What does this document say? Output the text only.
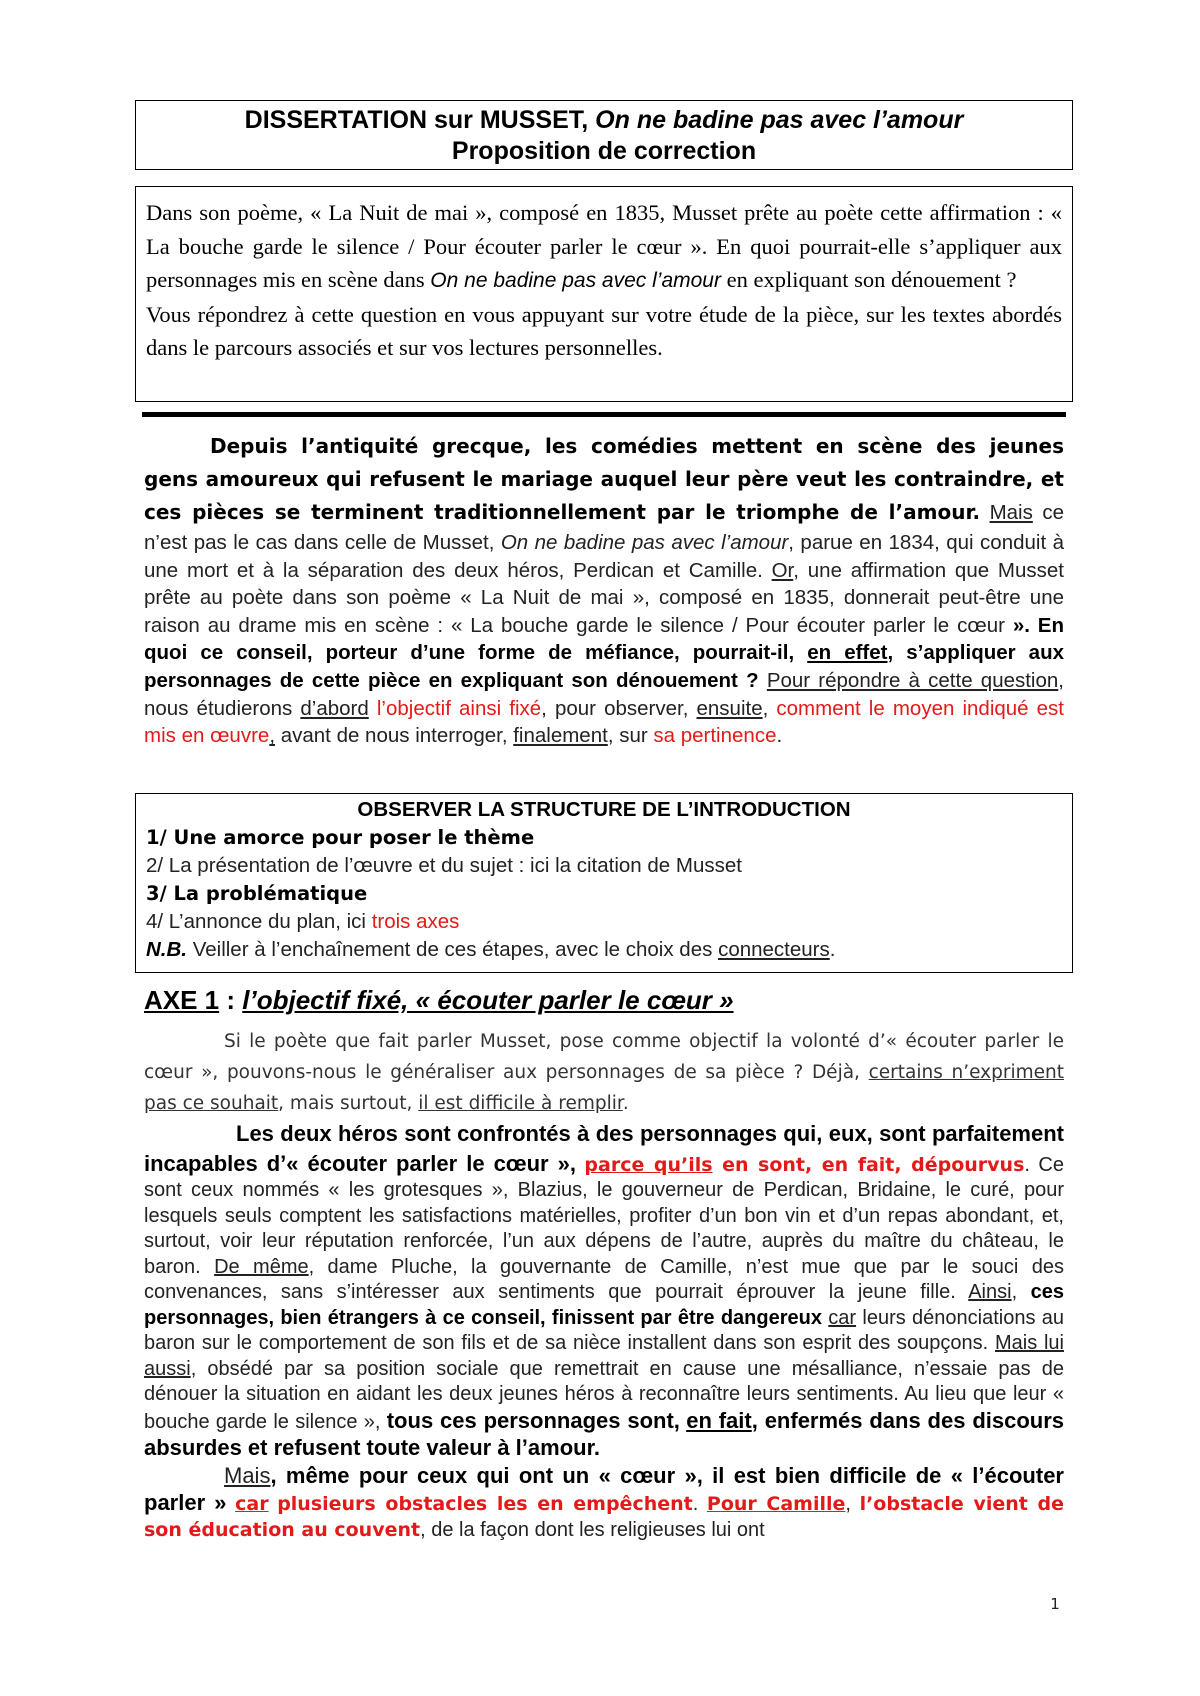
DISSERTATION sur MUSSET, On ne badine pas avec l’amour
Proposition de correction

Dans son poème, « La Nuit de mai », composé en 1835, Musset prête au poète cette affirmation : « La bouche garde le silence / Pour écouter parler le cœur ». En quoi pourrait-elle s’appliquer aux personnages mis en scène dans On ne badine pas avec l’amour en expliquant son dénouement ?

Vous répondrez à cette question en vous appuyant sur votre étude de la pièce, sur les textes abordés dans le parcours associés et sur vos lectures personnelles.

Depuis l’antiquité grecque, les comédies mettent en scène des jeunes gens amoureux qui refusent le mariage auquel leur père veut les contraindre, et ces pièces se terminent traditionnellement par le triomphe de l’amour. Mais ce n’est pas le cas dans celle de Musset, On ne badine pas avec l’amour, parue en 1834, qui conduit à une mort et à la séparation des deux héros, Perdican et Camille. Or, une affirmation que Musset prête au poète dans son poème « La Nuit de mai », composé en 1835, donnerait peut-être une raison au drame mis en scène : « La bouche garde le silence / Pour écouter parler le cœur ». En quoi ce conseil, porteur d’une forme de méfiance, pourrait-il, en effet, s’appliquer aux personnages de cette pièce en expliquant son dénouement ? Pour répondre à cette question, nous étudierons d’abord l’objectif ainsi fixé, pour observer, ensuite, comment le moyen indiqué est mis en œuvre, avant de nous interroger, finalement, sur sa pertinence.

OBSERVER LA STRUCTURE DE L’INTRODUCTION
1/ Une amorce pour poser le thème
2/ La présentation de l’œuvre et du sujet : ici la citation de Musset
3/ La problématique
4/ L’annonce du plan, ici trois axes
N.B. Veiller à l’enchaînement de ces étapes, avec le choix des connecteurs.
AXE 1 : l’objectif fixé, « écouter parler le cœur »

Si le poète que fait parler Musset, pose comme objectif la volonté d’« écouter parler le cœur », pouvons-nous le généraliser aux personnages de sa pièce ? Déjà, certains n’expriment pas ce souhait, mais surtout, il est difficile à remplir.

Les deux héros sont confrontés à des personnages qui, eux, sont parfaitement incapables d’« écouter parler le cœur », parce qu’ils en sont, en fait, dépourvus. Ce sont ceux nommés « les grotesques », Blazius, le gouverneur de Perdican, Bridaine, le curé, pour lesquels seuls comptent les satisfactions matérielles, profiter d’un bon vin et d’un repas abondant, et, surtout, voir leur réputation renforcée, l’un aux dépens de l’autre, auprès du maître du château, le baron. De même, dame Pluche, la gouvernante de Camille, n’est mue que par le souci des convenances, sans s’intéresser aux sentiments que pourrait éprouver la jeune fille. Ainsi, ces personnages, bien étrangers à ce conseil, finissent par être dangereux car leurs dénonciations au baron sur le comportement de son fils et de sa nièce installent dans son esprit des soupçons. Mais lui aussi, obsédé par sa position sociale que remettrait en cause une mésalliance, n’essaie pas de dénouer la situation en aidant les deux jeunes héros à reconnaître leurs sentiments. Au lieu que leur « bouche garde le silence », tous ces personnages sont, en fait, enfermés dans des discours absurdes et refusent toute valeur à l’amour.

Mais, même pour ceux qui ont un « cœur », il est bien difficile de « l’écouter parler » car plusieurs obstacles les en empêchent. Pour Camille, l’obstacle vient de son éducation au couvent, de la façon dont les religieuses lui ont

1
